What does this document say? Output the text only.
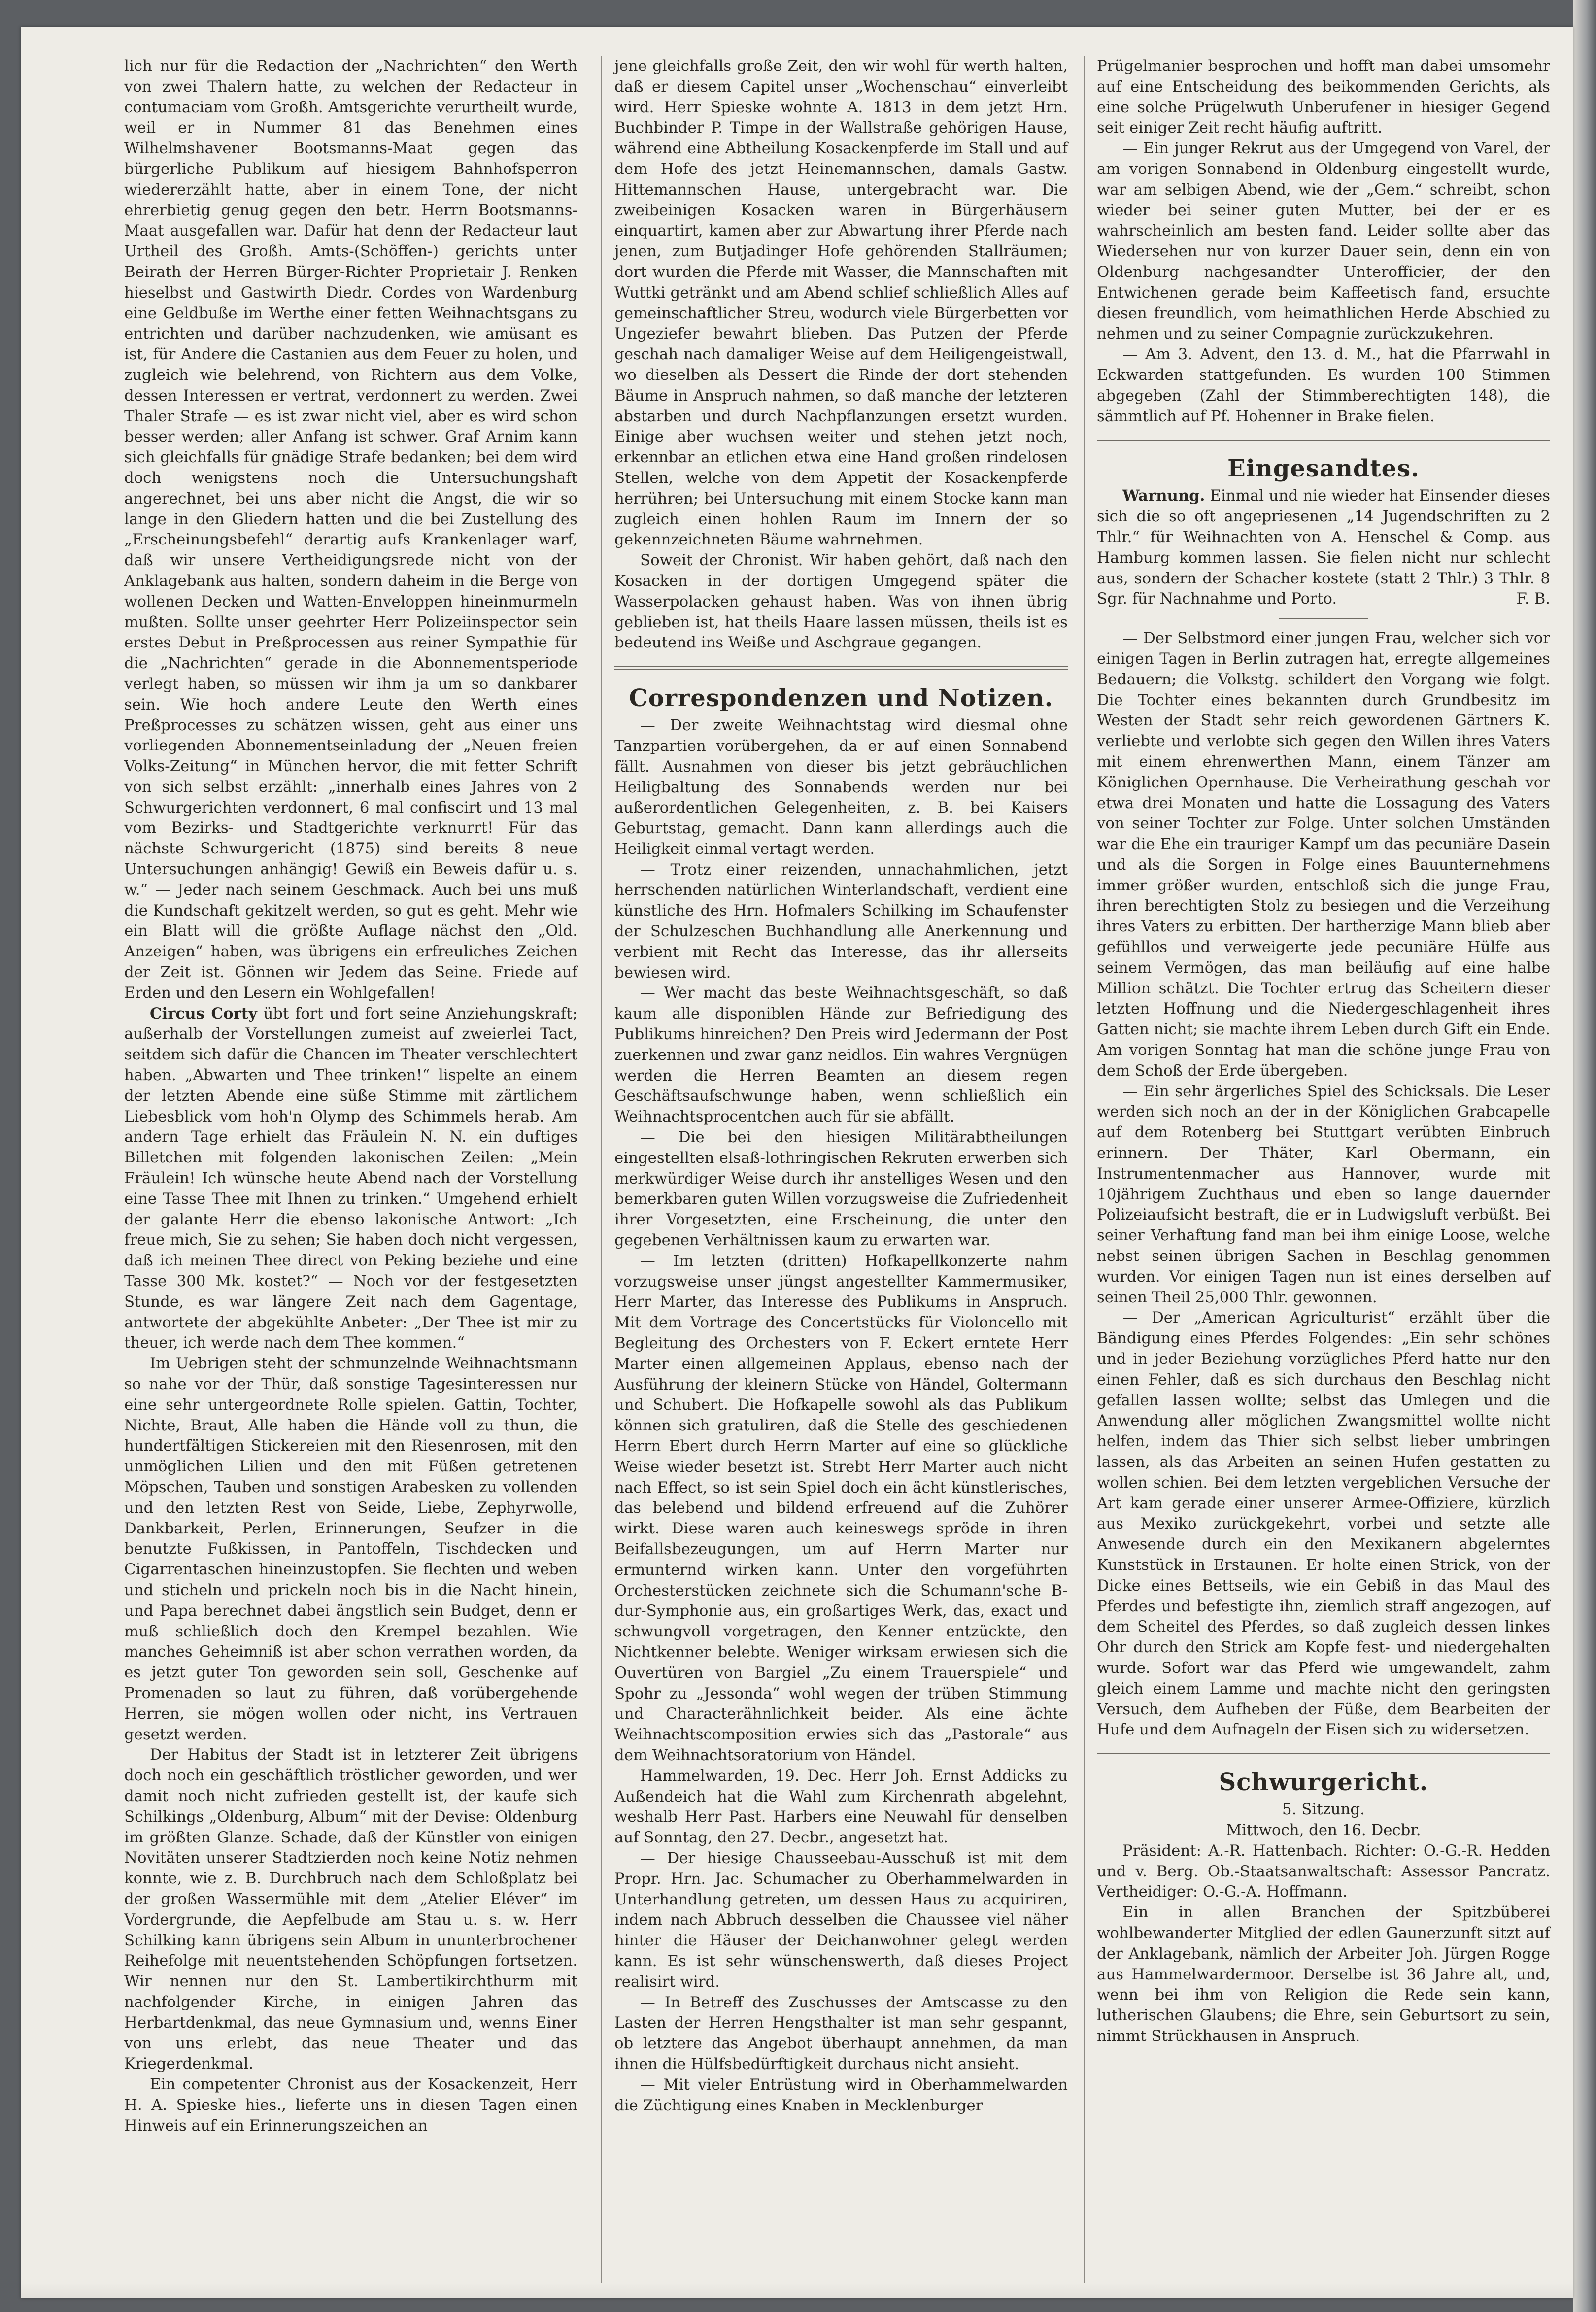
lich nur für die Redaction der „Nachrichten“ den Werth von zwei Thalern hatte, zu welchen der Redacteur in contumaciam vom Großh. Amtsgerichte verurtheilt wurde, weil er in Nummer 81 das Benehmen eines Wilhelmshavener Bootsmanns-Maat gegen das bürgerliche Publikum auf hiesigem Bahnhofsperron wiedererzählt hatte, aber in einem Tone, der nicht ehrerbietig genug gegen den betr. Herrn Bootsmanns-Maat ausgefallen war. Dafür hat denn der Redacteur laut Urtheil des Großh. Amts-(Schöffen-) gerichts unter Beirath der Herren Bürger-Richter Proprietair J. Renken hieselbst und Gastwirth Diedr. Cordes von Wardenburg eine Geldbuße im Werthe einer fetten Weihnachtsgans zu entrichten und darüber nachzudenken, wie amüsant es ist, für Andere die Castanien aus dem Feuer zu holen, und zugleich wie belehrend, von Richtern aus dem Volke, dessen Interessen er vertrat, verdonnert zu werden. Zwei Thaler Strafe — es ist zwar nicht viel, aber es wird schon besser werden; aller Anfang ist schwer. Graf Arnim kann sich gleichfalls für gnädige Strafe bedanken; bei dem wird doch wenigstens noch die Untersuchungshaft angerechnet, bei uns aber nicht die Angst, die wir so lange in den Gliedern hatten und die bei Zustellung des „Erscheinungsbefehl“ derartig aufs Krankenlager warf, daß wir unsere Vertheidigungsrede nicht von der Anklagebank aus halten, sondern daheim in die Berge von wollenen Decken und Watten-Enveloppen hineinmurmeln mußten. Sollte unser geehrter Herr Polizeiinspector sein erstes Debut in Preßprocessen aus reiner Sympathie für die „Nachrichten“ gerade in die Abonnementsperiode verlegt haben, so müssen wir ihm ja um so dankbarer sein. Wie hoch andere Leute den Werth eines Preßprocesses zu schätzen wissen, geht aus einer uns vorliegenden Abonnementseinladung der „Neuen freien Volks-Zeitung“ in München hervor, die mit fetter Schrift von sich selbst erzählt: „innerhalb eines Jahres von 2 Schwurgerichten verdonnert, 6 mal confiscirt und 13 mal vom Bezirks- und Stadtgerichte verknurrt! Für das nächste Schwurgericht (1875) sind bereits 8 neue Untersuchungen anhängig! Gewiß ein Beweis dafür u. s. w.“ — Jeder nach seinem Geschmack. Auch bei uns muß die Kundschaft gekitzelt werden, so gut es geht. Mehr wie ein Blatt will die größte Auflage nächst den „Old. Anzeigen“ haben, was übrigens ein erfreuliches Zeichen der Zeit ist. Gönnen wir Jedem das Seine. Friede auf Erden und den Lesern ein Wohlgefallen!

Circus Corty übt fort und fort seine Anziehungskraft; außerhalb der Vorstellungen zumeist auf zweierlei Tact, seitdem sich dafür die Chancen im Theater verschlechtert haben. „Abwarten und Thee trinken!“ lispelte an einem der letzten Abende eine süße Stimme mit zärtlichem Liebesblick vom hoh'n Olymp des Schimmels herab. Am andern Tage erhielt das Fräulein N. N. ein duftiges Billetchen mit folgenden lakonischen Zeilen: „Mein Fräulein! Ich wünsche heute Abend nach der Vorstellung eine Tasse Thee mit Ihnen zu trinken.“ Umgehend erhielt der galante Herr die ebenso lakonische Antwort: „Ich freue mich, Sie zu sehen; Sie haben doch nicht vergessen, daß ich meinen Thee direct von Peking beziehe und eine Tasse 300 Mk. kostet?“ — Noch vor der festgesetzten Stunde, es war längere Zeit nach dem Gagentage, antwortete der abgekühlte Anbeter: „Der Thee ist mir zu theuer, ich werde nach dem Thee kommen.“

Im Uebrigen steht der schmunzelnde Weihnachtsmann so nahe vor der Thür, daß sonstige Tagesinteressen nur eine sehr untergeordnete Rolle spielen. Gattin, Tochter, Nichte, Braut, Alle haben die Hände voll zu thun, die hundertfältigen Stickereien mit den Riesenrosen, mit den unmöglichen Lilien und den mit Füßen getretenen Möpschen, Tauben und sonstigen Arabesken zu vollenden und den letzten Rest von Seide, Liebe, Zephyrwolle, Dankbarkeit, Perlen, Erinnerungen, Seufzer in die benutzte Fußkissen, in Pantoffeln, Tischdecken und Cigarrentaschen hineinzustopfen. Sie flechten und weben und sticheln und prickeln noch bis in die Nacht hinein, und Papa berechnet dabei ängstlich sein Budget, denn er muß schließlich doch den Krempel bezahlen. Wie manches Geheimniß ist aber schon verrathen worden, da es jetzt guter Ton geworden sein soll, Geschenke auf Promenaden so laut zu führen, daß vorübergehende Herren, sie mögen wollen oder nicht, ins Vertrauen gesetzt werden.

Der Habitus der Stadt ist in letzterer Zeit übrigens doch noch ein geschäftlich tröstlicher geworden, und wer damit noch nicht zufrieden gestellt ist, der kaufe sich Schilkings „Oldenburg, Album“ mit der Devise: Oldenburg im größten Glanze. Schade, daß der Künstler von einigen Novitäten unserer Stadtzierden noch keine Notiz nehmen konnte, wie z. B. Durchbruch nach dem Schloßplatz bei der großen Wassermühle mit dem „Atelier Eléver“ im Vordergrunde, die Aepfelbude am Stau u. s. w. Herr Schilking kann übrigens sein Album in ununterbrochener Reihefolge mit neuentstehenden Schöpfungen fortsetzen. Wir nennen nur den St. Lambertikirchthurm mit nachfolgender Kirche, in einigen Jahren das Herbartdenkmal, das neue Gymnasium und, wenns Einer von uns erlebt, das neue Theater und das Kriegerdenkmal.

Ein competenter Chronist aus der Kosackenzeit, Herr H. A. Spieske hies., lieferte uns in diesen Tagen einen Hinweis auf ein Erinnerungszeichen an

jene gleichfalls große Zeit, den wir wohl für werth halten, daß er diesem Capitel unser „Wochenschau“ einverleibt wird. Herr Spieske wohnte A. 1813 in dem jetzt Hrn. Buchbinder P. Timpe in der Wallstraße gehörigen Hause, während eine Abtheilung Kosackenpferde im Stall und auf dem Hofe des jetzt Heinemannschen, damals Gastw. Hittemannschen Hause, untergebracht war. Die zweibeinigen Kosacken waren in Bürgerhäusern einquartirt, kamen aber zur Abwartung ihrer Pferde nach jenen, zum Butjadinger Hofe gehörenden Stallräumen; dort wurden die Pferde mit Wasser, die Mannschaften mit Wuttki getränkt und am Abend schlief schließlich Alles auf gemeinschaftlicher Streu, wodurch viele Bürgerbetten vor Ungeziefer bewahrt blieben. Das Putzen der Pferde geschah nach damaliger Weise auf dem Heiligengeistwall, wo dieselben als Dessert die Rinde der dort stehenden Bäume in Anspruch nahmen, so daß manche der letzteren abstarben und durch Nachpflanzungen ersetzt wurden. Einige aber wuchsen weiter und stehen jetzt noch, erkennbar an etlichen etwa eine Hand großen rindelosen Stellen, welche von dem Appetit der Kosackenpferde herrühren; bei Untersuchung mit einem Stocke kann man zugleich einen hohlen Raum im Innern der so gekennzeichneten Bäume wahrnehmen.

Soweit der Chronist. Wir haben gehört, daß nach den Kosacken in der dortigen Umgegend später die Wasserpolacken gehaust haben. Was von ihnen übrig geblieben ist, hat theils Haare lassen müssen, theils ist es bedeutend ins Weiße und Aschgraue gegangen.

Correspondenzen und Notizen.

— Der zweite Weihnachtstag wird diesmal ohne Tanzpartien vorübergehen, da er auf einen Sonnabend fällt. Ausnahmen von dieser bis jetzt gebräuchlichen Heiligbaltung des Sonnabends werden nur bei außerordentlichen Gelegenheiten, z. B. bei Kaisers Geburtstag, gemacht. Dann kann allerdings auch die Heiligkeit einmal vertagt werden.

— Trotz einer reizenden, unnachahmlichen, jetzt herrschenden natürlichen Winterlandschaft, verdient eine künstliche des Hrn. Hofmalers Schilking im Schaufenster der Schulzeschen Buchhandlung alle Anerkennung und verbient mit Recht das Interesse, das ihr allerseits bewiesen wird.

— Wer macht das beste Weihnachtsgeschäft, so daß kaum alle disponiblen Hände zur Befriedigung des Publikums hinreichen? Den Preis wird Jedermann der Post zuerkennen und zwar ganz neidlos. Ein wahres Vergnügen werden die Herren Beamten an diesem regen Geschäftsaufschwunge haben, wenn schließlich ein Weihnachtsprocentchen auch für sie abfällt.

— Die bei den hiesigen Militärabtheilungen eingestellten elsaß-lothringischen Rekruten erwerben sich merkwürdiger Weise durch ihr anstelliges Wesen und den bemerkbaren guten Willen vorzugsweise die Zufriedenheit ihrer Vorgesetzten, eine Erscheinung, die unter den gegebenen Verhältnissen kaum zu erwarten war.

— Im letzten (dritten) Hofkapellkonzerte nahm vorzugsweise unser jüngst angestellter Kammermusiker, Herr Marter, das Interesse des Publikums in Anspruch. Mit dem Vortrage des Concertstücks für Violoncello mit Begleitung des Orchesters von F. Eckert erntete Herr Marter einen allgemeinen Applaus, ebenso nach der Ausführung der kleinern Stücke von Händel, Goltermann und Schubert. Die Hofkapelle sowohl als das Publikum können sich gratuliren, daß die Stelle des geschiedenen Herrn Ebert durch Herrn Marter auf eine so glückliche Weise wieder besetzt ist. Strebt Herr Marter auch nicht nach Effect, so ist sein Spiel doch ein ächt künstlerisches, das belebend und bildend erfreuend auf die Zuhörer wirkt. Diese waren auch keineswegs spröde in ihren Beifallsbezeugungen, um auf Herrn Marter nur ermunternd wirken kann. Unter den vorgeführten Orchesterstücken zeichnete sich die Schumann'sche B-dur-Symphonie aus, ein großartiges Werk, das, exact und schwungvoll vorgetragen, den Kenner entzückte, den Nichtkenner belebte. Weniger wirksam erwiesen sich die Ouvertüren von Bargiel „Zu einem Trauerspiele“ und Spohr zu „Jessonda“ wohl wegen der trüben Stimmung und Characterähnlichkeit beider. Als eine ächte Weihnachtscomposition erwies sich das „Pastorale“ aus dem Weihnachtsoratorium von Händel.

Hammelwarden, 19. Dec. Herr Joh. Ernst Addicks zu Außendeich hat die Wahl zum Kirchenrath abgelehnt, weshalb Herr Past. Harbers eine Neuwahl für denselben auf Sonntag, den 27. Decbr., angesetzt hat.

— Der hiesige Chausseebau-Ausschuß ist mit dem Propr. Hrn. Jac. Schumacher zu Oberhammelwarden in Unterhandlung getreten, um dessen Haus zu acquiriren, indem nach Abbruch desselben die Chaussee viel näher hinter die Häuser der Deichanwohner gelegt werden kann. Es ist sehr wünschenswerth, daß dieses Project realisirt wird.

— In Betreff des Zuschusses der Amtscasse zu den Lasten der Herren Hengsthalter ist man sehr gespannt, ob letztere das Angebot überhaupt annehmen, da man ihnen die Hülfsbedürftigkeit durchaus nicht ansieht.

— Mit vieler Entrüstung wird in Oberhammelwarden die Züchtigung eines Knaben in Mecklenburger

Prügelmanier besprochen und hofft man dabei umsomehr auf eine Entscheidung des beikommenden Gerichts, als eine solche Prügelwuth Unberufener in hiesiger Gegend seit einiger Zeit recht häufig auftritt.

— Ein junger Rekrut aus der Umgegend von Varel, der am vorigen Sonnabend in Oldenburg eingestellt wurde, war am selbigen Abend, wie der „Gem.“ schreibt, schon wieder bei seiner guten Mutter, bei der er es wahrscheinlich am besten fand. Leider sollte aber das Wiedersehen nur von kurzer Dauer sein, denn ein von Oldenburg nachgesandter Unterofficier, der den Entwichenen gerade beim Kaffeetisch fand, ersuchte diesen freundlich, vom heimathlichen Herde Abschied zu nehmen und zu seiner Compagnie zurückzukehren.

— Am 3. Advent, den 13. d. M., hat die Pfarrwahl in Eckwarden stattgefunden. Es wurden 100 Stimmen abgegeben (Zahl der Stimmberechtigten 148), die sämmtlich auf Pf. Hohenner in Brake fielen.

Eingesandtes.

Warnung. Einmal und nie wieder hat Einsender dieses sich die so oft angepriesenen „14 Jugendschriften zu 2 Thlr.“ für Weihnachten von A. Henschel & Comp. aus Hamburg kommen lassen. Sie fielen nicht nur schlecht aus, sondern der Schacher kostete (statt 2 Thlr.) 3 Thlr. 8 Sgr. für Nachnahme und Porto.	F. B.

— Der Selbstmord einer jungen Frau, welcher sich vor einigen Tagen in Berlin zutragen hat, erregte allgemeines Bedauern; die Volkstg. schildert den Vorgang wie folgt. Die Tochter eines bekannten durch Grundbesitz im Westen der Stadt sehr reich gewordenen Gärtners K. verliebte und verlobte sich gegen den Willen ihres Vaters mit einem ehrenwerthen Mann, einem Tänzer am Königlichen Opernhause. Die Verheirathung geschah vor etwa drei Monaten und hatte die Lossagung des Vaters von seiner Tochter zur Folge. Unter solchen Umständen war die Ehe ein trauriger Kampf um das pecuniäre Dasein und als die Sorgen in Folge eines Bauunternehmens immer größer wurden, entschloß sich die junge Frau, ihren berechtigten Stolz zu besiegen und die Verzeihung ihres Vaters zu erbitten. Der hartherzige Mann blieb aber gefühllos und verweigerte jede pecuniäre Hülfe aus seinem Vermögen, das man beiläufig auf eine halbe Million schätzt. Die Tochter ertrug das Scheitern dieser letzten Hoffnung und die Niedergeschlagenheit ihres Gatten nicht; sie machte ihrem Leben durch Gift ein Ende. Am vorigen Sonntag hat man die schöne junge Frau von dem Schoß der Erde übergeben.

— Ein sehr ärgerliches Spiel des Schicksals. Die Leser werden sich noch an der in der Königlichen Grabcapelle auf dem Rotenberg bei Stuttgart verübten Einbruch erinnern. Der Thäter, Karl Obermann, ein Instrumentenmacher aus Hannover, wurde mit 10jährigem Zuchthaus und eben so lange dauernder Polizeiaufsicht bestraft, die er in Ludwigsluft verbüßt. Bei seiner Verhaftung fand man bei ihm einige Loose, welche nebst seinen übrigen Sachen in Beschlag genommen wurden. Vor einigen Tagen nun ist eines derselben auf seinen Theil 25,000 Thlr. gewonnen.

— Der „American Agriculturist“ erzählt über die Bändigung eines Pferdes Folgendes: „Ein sehr schönes und in jeder Beziehung vorzügliches Pferd hatte nur den einen Fehler, daß es sich durchaus den Beschlag nicht gefallen lassen wollte; selbst das Umlegen und die Anwendung aller möglichen Zwangsmittel wollte nicht helfen, indem das Thier sich selbst lieber umbringen lassen, als das Arbeiten an seinen Hufen gestatten zu wollen schien. Bei dem letzten vergeblichen Versuche der Art kam gerade einer unserer Armee-Offiziere, kürzlich aus Mexiko zurückgekehrt, vorbei und setzte alle Anwesende durch ein den Mexikanern abgelerntes Kunststück in Erstaunen. Er holte einen Strick, von der Dicke eines Bettseils, wie ein Gebiß in das Maul des Pferdes und befestigte ihn, ziemlich straff angezogen, auf dem Scheitel des Pferdes, so daß zugleich dessen linkes Ohr durch den Strick am Kopfe fest- und niedergehalten wurde. Sofort war das Pferd wie umgewandelt, zahm gleich einem Lamme und machte nicht den geringsten Versuch, dem Aufheben der Füße, dem Bearbeiten der Hufe und dem Aufnageln der Eisen sich zu widersetzen.

Schwurgericht.

5. Sitzung.

Mittwoch, den 16. Decbr.

Präsident: A.-R. Hattenbach. Richter: O.-G.-R. Hedden und v. Berg. Ob.-Staatsanwaltschaft: Assessor Pancratz. Vertheidiger: O.-G.-A. Hoffmann.

Ein in allen Branchen der Spitzbüberei wohlbewanderter Mitglied der edlen Gaunerzunft sitzt auf der Anklagebank, nämlich der Arbeiter Joh. Jürgen Rogge aus Hammelwardermoor. Derselbe ist 36 Jahre alt, und, wenn bei ihm von Religion die Rede sein kann, lutherischen Glaubens; die Ehre, sein Geburtsort zu sein, nimmt Strückhausen in Anspruch.
